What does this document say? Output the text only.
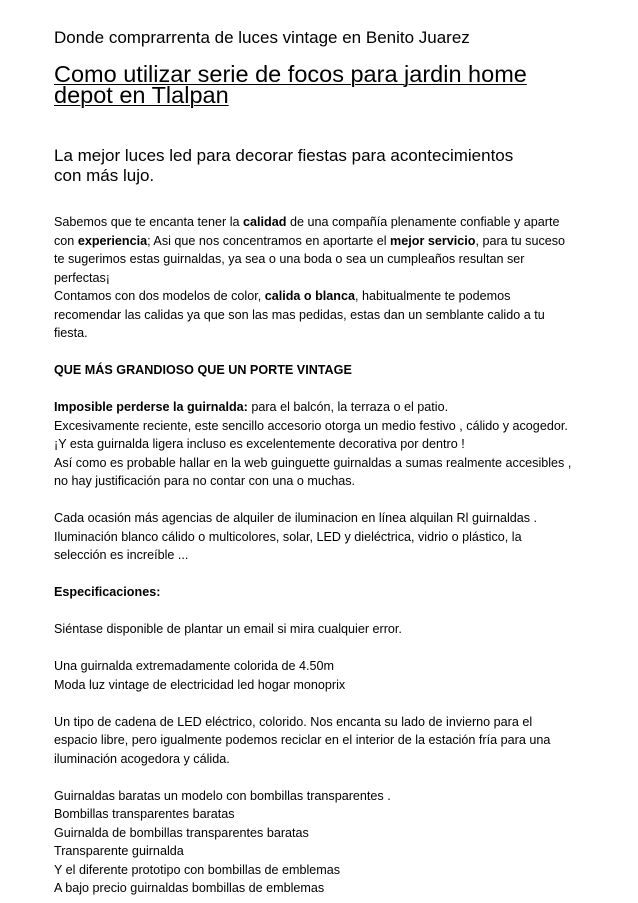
Donde comprarrenta de luces vintage en Benito Juarez
Como utilizar serie de focos para jardin home
depot en Tlalpan
La mejor luces led para decorar fiestas para acontecimientos
con más lujo.

Sabemos que te encanta tener la calidad de una compañía plenamente confiable y aparte

con experiencia; Asi que nos concentramos en aportarte el mejor servicio, para tu suceso

te sugerimos estas guirnaldas, ya sea o una boda o sea un cumpleaños resultan ser

perfectas¡

Contamos con dos modelos de color, calida o blanca, habitualmente te podemos

recomendar las calidas ya que son las mas pedidas, estas dan un semblante calido a tu

fiesta.

QUE MÁS GRANDIOSO QUE UN PORTE VINTAGE

Imposible perderse la guirnalda: para el balcón, la terraza o el patio.

Excesivamente reciente, este sencillo accesorio otorga un medio festivo , cálido y acogedor.

¡Y esta guirnalda ligera incluso es excelentemente decorativa por dentro !

Así como es probable hallar en la web guinguette guirnaldas a sumas realmente accesibles ,

no hay justificación para no contar con una o muchas.

Cada ocasión más agencias de alquiler de iluminacion en línea alquilan Rl guirnaldas .

Iluminación blanco cálido o multicolores, solar, LED y dieléctrica, vidrio o plástico, la

selección es increíble ...

Especificaciones:

Siéntase disponible de plantar un email si mira cualquier error.

Una guirnalda extremadamente colorida de 4.50m

Moda luz vintage de electricidad led hogar monoprix

Un tipo de cadena de LED eléctrico, colorido. Nos encanta su lado de invierno para el

espacio libre, pero igualmente podemos reciclar en el interior de la estación fría para una

iluminación acogedora y cálida.

Guirnaldas baratas un modelo con bombillas transparentes .

Bombillas transparentes baratas

Guirnalda de bombillas transparentes baratas

Transparente guirnalda

Y el diferente prototipo con bombillas de emblemas

A bajo precio guirnaldas bombillas de emblemas
